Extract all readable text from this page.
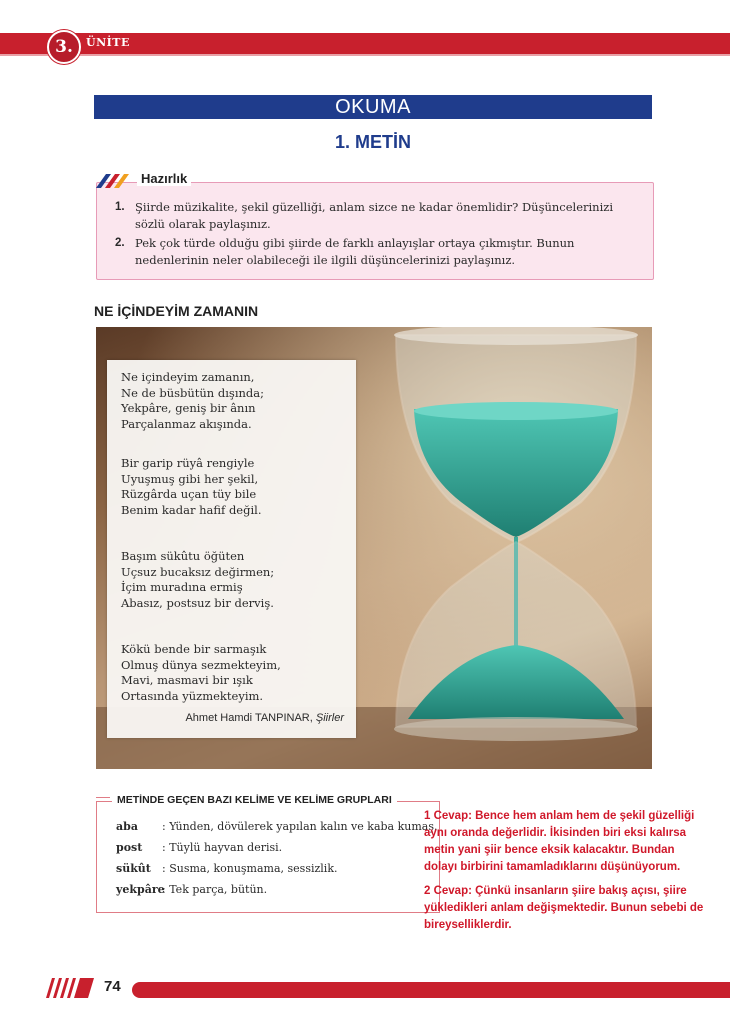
3.	ÜNİTE
OKUMA
1. METİN
1. Şiirde müzikalite, şekil güzelliği, anlam sizce ne kadar önemlidir? Düşüncelerinizi sözlü olarak paylaşınız.
2. Pek çok türde olduğu gibi şiirde de farklı anlayışlar ortaya çıkmıştır. Bunun nedenlerinin neler olabileceği ile ilgili düşüncelerinizi paylaşınız.
Hazırlık
NE İÇİNDEYİM ZAMANIN
Ne içindeyim zamanın,
Ne de büsbütün dışında;
Yekpâre, geniş bir ânın
Parçalanmaz akışında.
Bir garip rüyâ rengiyle
Uyuşmuş gibi her şekil,
Rüzgârda uçan tüy bile
Benim kadar hafif değil.
Başım sükûtu öğüten
Uçsuz bucaksız değirmen;
İçim muradına ermiş
Abasız, postsuz bir derviş.
Kökü bende bir sarmaşık
Olmuş dünya sezmekteyim,
Mavi, masmavi bir ışık
Ortasında yüzmekteyim.
Ahmet Hamdi TANPINAR, Şiirler
METİNDE GEÇEN BAZI KELİME VE KELİME GRUPLARI
aba : Yünden, dövülerek yapılan kalın ve kaba kumaş.
post : Tüylü hayvan derisi.
sükût : Susma, konuşmama, sessizlik.
yekpâre: Tek parça, bütün.
1 Cevap: Bence hem anlam hem de şekil güzelliği
aynı oranda değerlidir. İkisinden biri eksi kalırsa
metin yani şiir bence eksik kalacaktır. Bundan
dolayı birbirini tamamladıklarını düşünüyorum.
2 Cevap: Çünkü insanların şiire bakış açısı, şiire
yükledikleri anlam değişmektedir. Bunun sebebi de
bireyselliklerdir.
74
